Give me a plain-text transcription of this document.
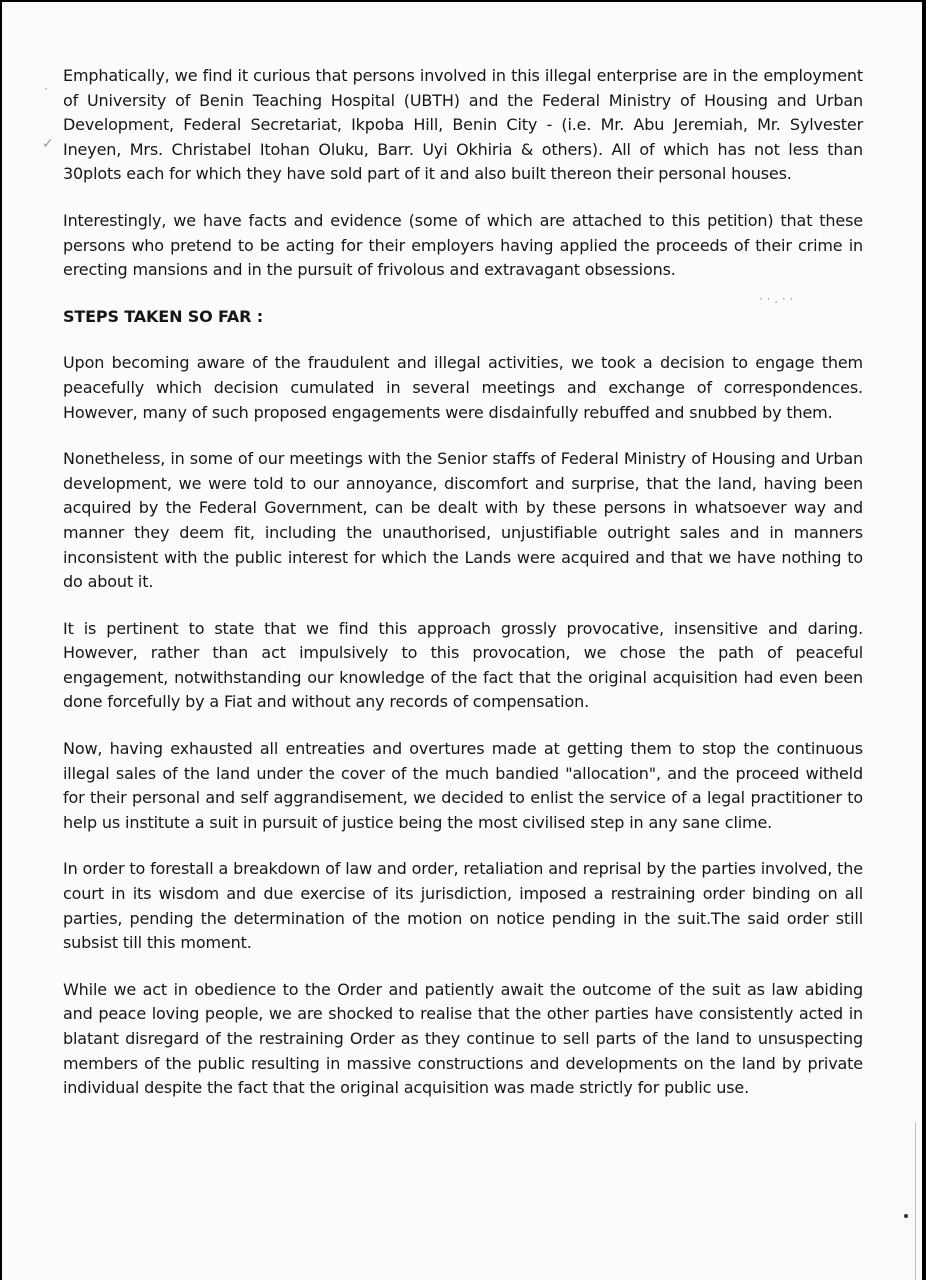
·
✓
· · . · ·

Emphatically, we find it curious that persons involved in this illegal enterprise are in the employment of University of Benin Teaching Hospital (UBTH) and the Federal Ministry of Housing and Urban Development, Federal Secretariat, Ikpoba Hill, Benin City - (i.e. Mr. Abu Jeremiah, Mr. Sylvester Ineyen, Mrs. Christabel Itohan Oluku, Barr. Uyi Okhiria & others). All of which has not less than 30plots each for which they have sold part of it and also built thereon their personal houses.

Interestingly, we have facts and evidence (some of which are attached to this petition) that these persons who pretend to be acting for their employers having applied the proceeds of their crime in erecting mansions and in the pursuit of frivolous and extravagant obsessions.

STEPS TAKEN SO FAR :

Upon becoming aware of the fraudulent and illegal activities, we took a decision to engage them peacefully which decision cumulated in several meetings and exchange of correspondences. However, many of such proposed engagements were disdainfully rebuffed and snubbed by them.

Nonetheless, in some of our meetings with the Senior staffs of Federal Ministry of Housing and Urban development, we were told to our annoyance, discomfort and surprise, that the land, having been acquired by the Federal Government, can be dealt with by these persons in whatsoever way and manner they deem fit, including the unauthorised, unjustifiable outright sales and in manners inconsistent with the public interest for which the Lands were acquired and that we have nothing to do about it.

It is pertinent to state that we find this approach grossly provocative, insensitive and daring. However, rather than act impulsively to this provocation, we chose the path of peaceful engagement, notwithstanding our knowledge of the fact that the original acquisition had even been done forcefully by a Fiat and without any records of compensation.

Now, having exhausted all entreaties and overtures made at getting them to stop the continuous illegal sales of the land under the cover of the much bandied "allocation", and the proceed witheld for their personal and self aggrandisement, we decided to enlist the service of a legal practitioner to help us institute a suit in pursuit of justice being the most civilised step in any sane clime.

In order to forestall a breakdown of law and order, retaliation and reprisal by the parties involved, the court in its wisdom and due exercise of its jurisdiction, imposed a restraining order binding on all parties, pending the determination of the motion on notice pending in the suit.The said order still subsist till this moment.

While we act in obedience to the Order and patiently await the outcome of the suit as law abiding and peace loving people, we are shocked to realise that the other parties have consistently acted in blatant disregard of the restraining Order as they continue to sell parts of the land to unsuspecting members of the public resulting in massive constructions and developments on the land by private individual despite the fact that the original acquisition was made strictly for public use.
